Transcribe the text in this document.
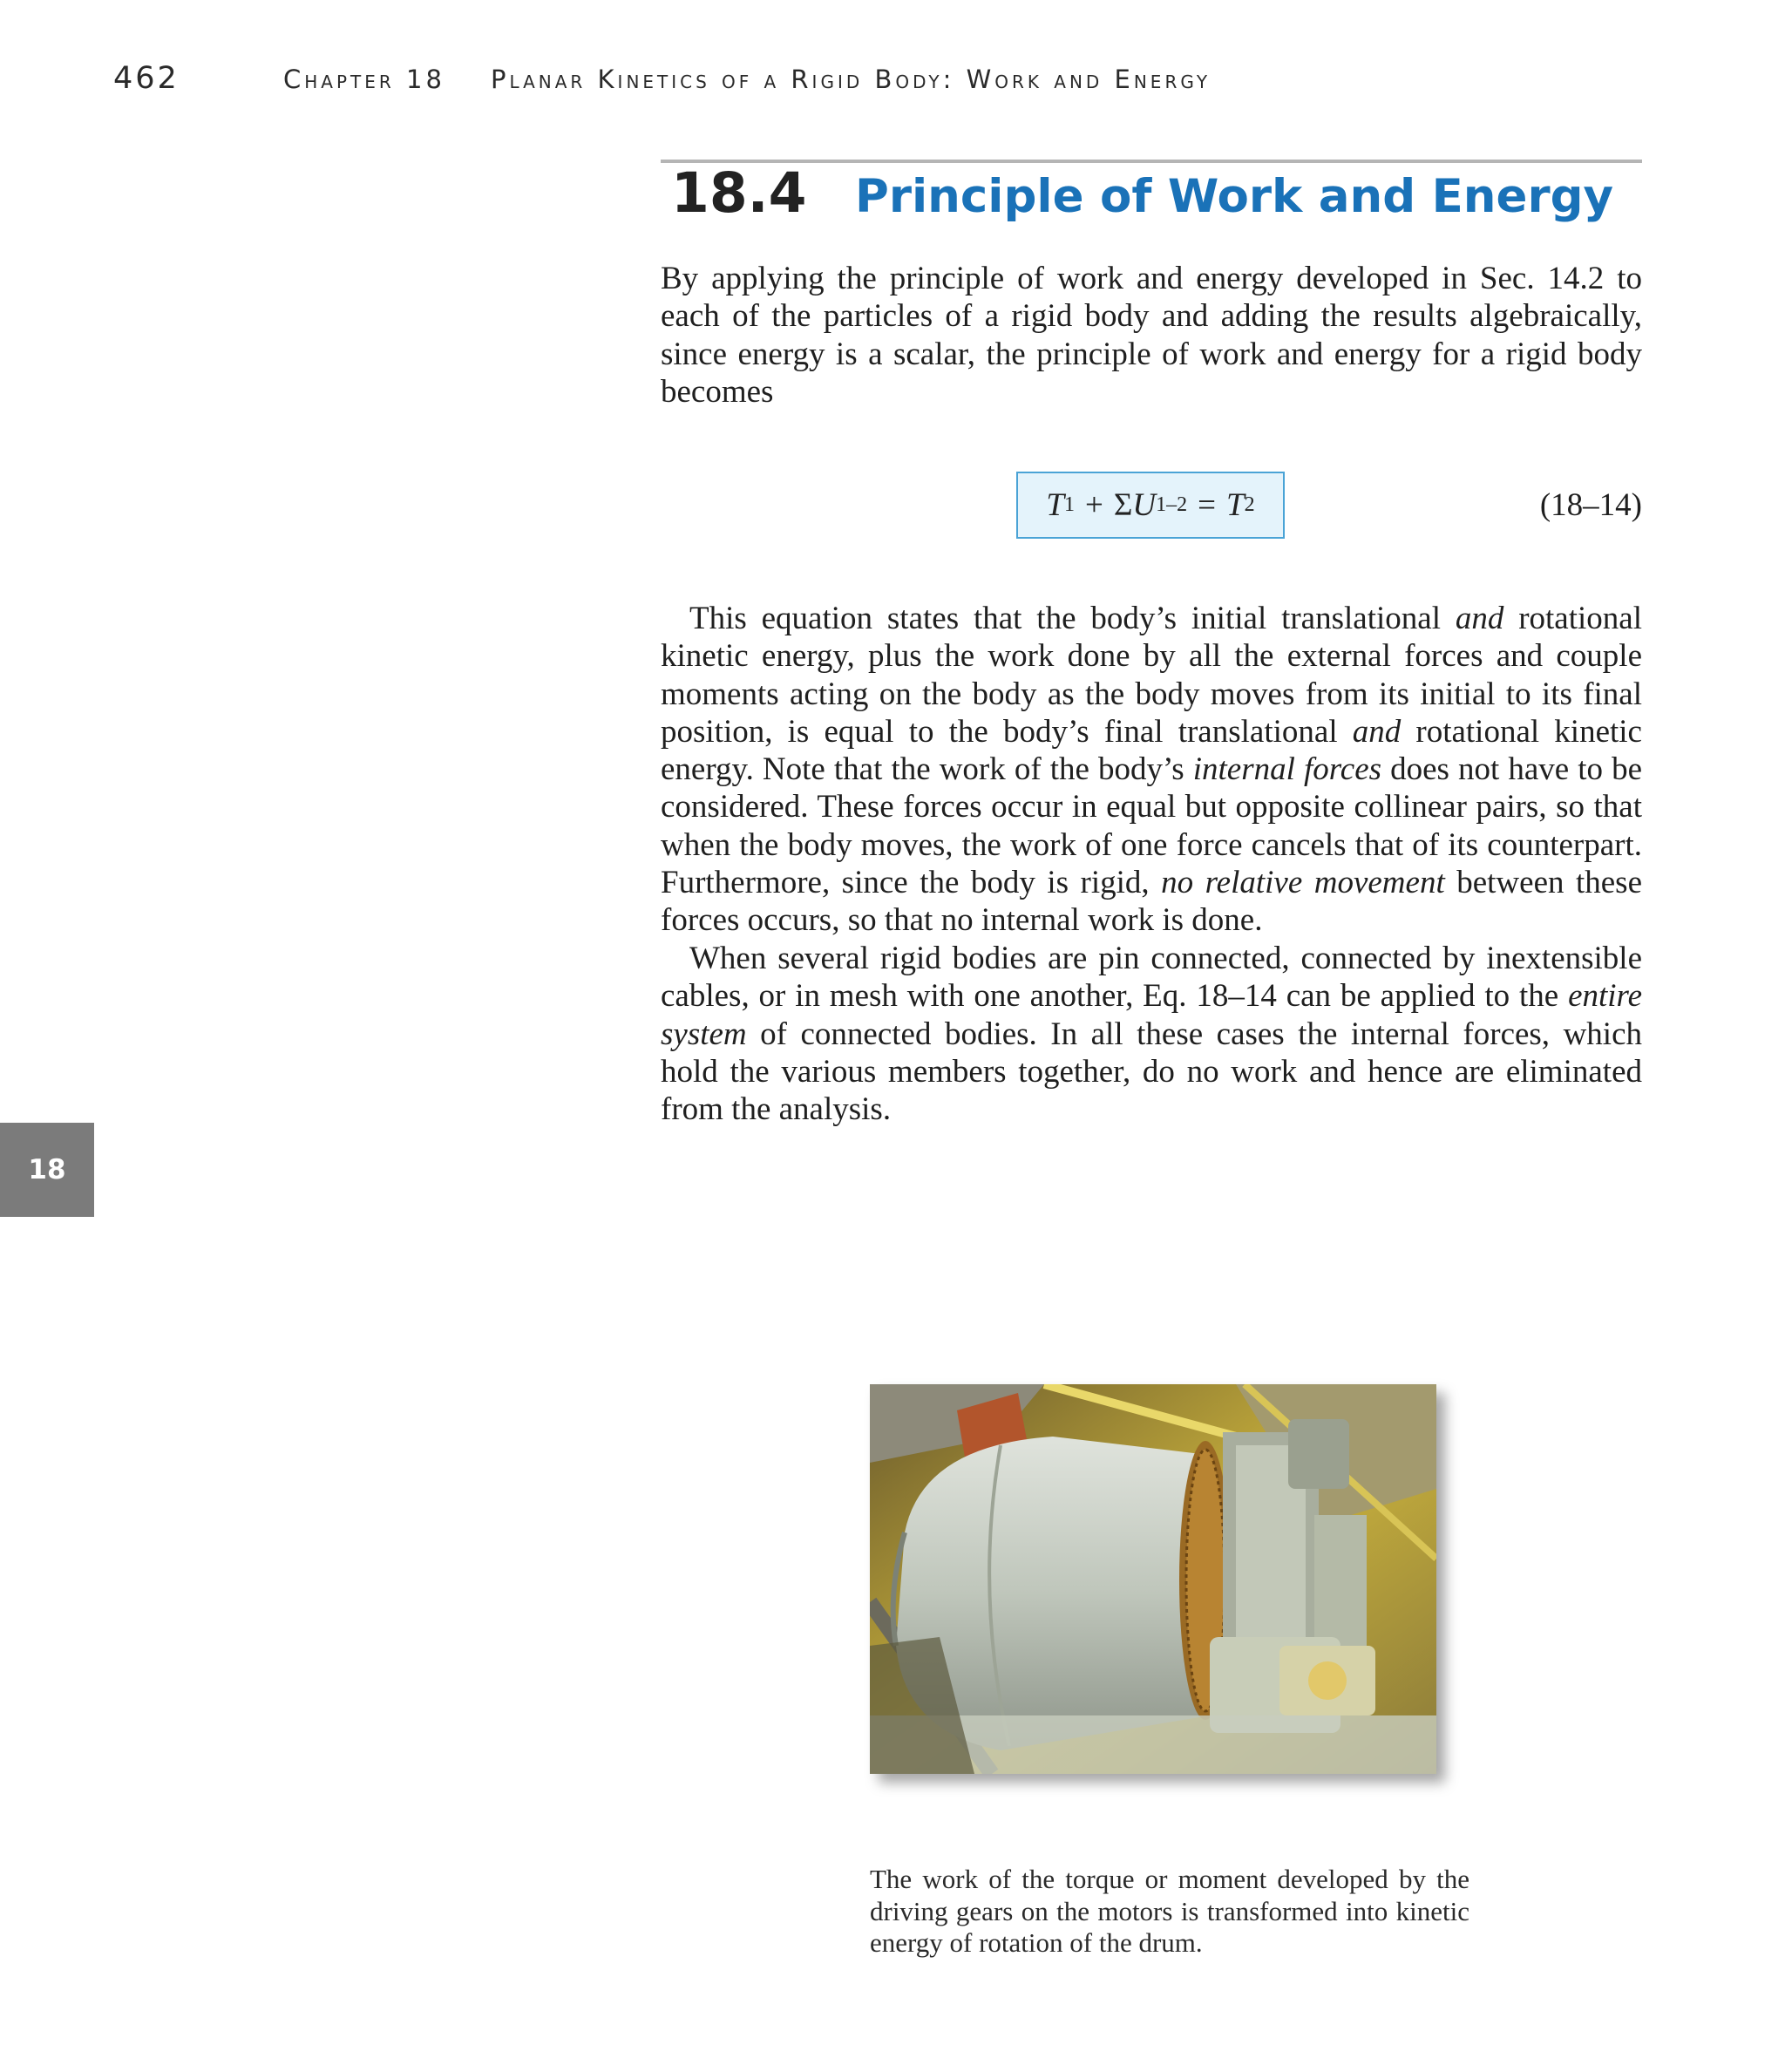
462	Chapter 18 Planar Kinetics of a Rigid Body: Work and Energy
18.4 Principle of Work and Energy

By applying the principle of work and energy developed in Sec. 14.2 to each of the particles of a rigid body and adding the results algebraically, since energy is a scalar, the principle of work and energy for a rigid body becomes

T 1 + Σ U 1–2 = T 2	(18–14)

This equation states that the body’s initial translational and rotational kinetic energy, plus the work done by all the external forces and couple moments acting on the body as the body moves from its initial to its final position, is equal to the body’s final translational and rotational kinetic energy. Note that the work of the body’s internal forces does not have to be considered. These forces occur in equal but opposite collinear pairs, so that when the body moves, the work of one force cancels that of its counterpart. Furthermore, since the body is rigid, no relative movement between these forces occurs, so that no internal work is done.

When several rigid bodies are pin connected, connected by inextensible cables, or in mesh with one another, Eq. 18–14 can be applied to the entire system of connected bodies. In all these cases the internal forces, which hold the various members together, do no work and hence are eliminated from the analysis.

18

The work of the torque or moment developed by the driving gears on the motors is transformed into kinetic energy of rotation of the drum.
